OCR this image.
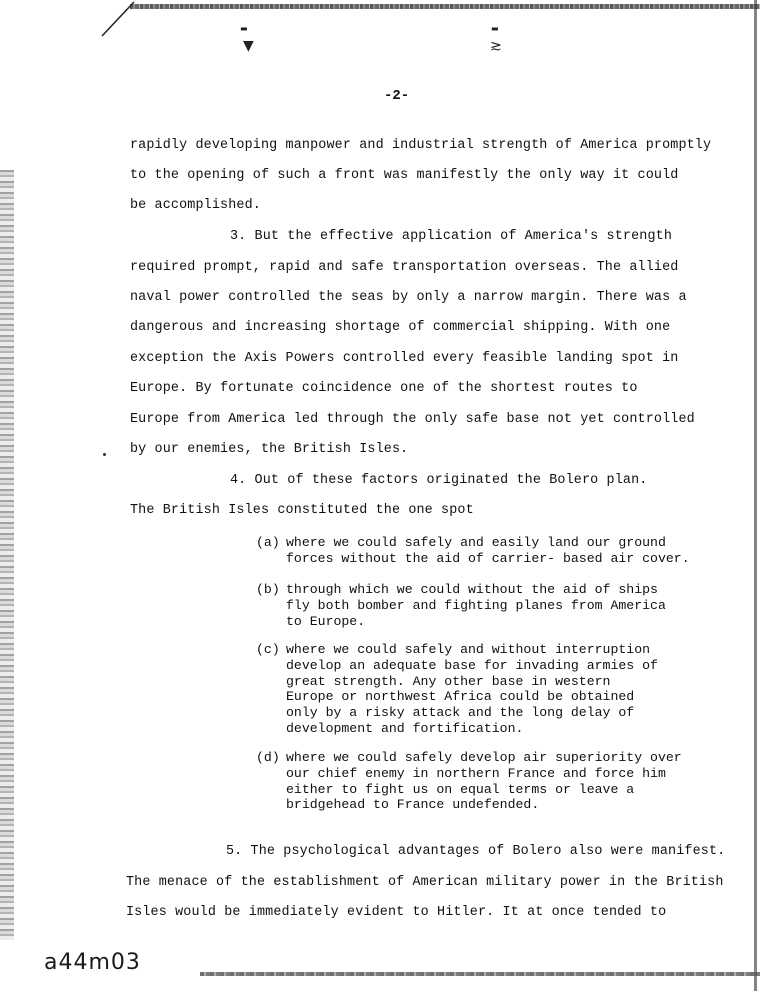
▼
▬
≳
▬
-2-
rapidly developing manpower and industrial strength of America promptly
to the opening of such a front was manifestly the only way it could
be accomplished.
3. But the effective application of America's strength
required prompt, rapid and safe transportation overseas. The allied
naval power controlled the seas by only a narrow margin. There was a
dangerous and increasing shortage of commercial shipping. With one
exception the Axis Powers controlled every feasible landing spot in
Europe. By fortunate coincidence one of the shortest routes to
Europe from America led through the only safe base not yet controlled
by our enemies, the British Isles.
4. Out of these factors originated the Bolero plan.
The British Isles constituted the one spot
(a) where we could safely and easily land our ground
forces without the aid of carrier- based air cover.
(b) through which we could without the aid of ships
fly both bomber and fighting planes from America
to Europe.
(c) where we could safely and without interruption
develop an adequate base for invading armies of
great strength. Any other base in western
Europe or northwest Africa could be obtained
only by a risky attack and the long delay of
development and fortification.
(d) where we could safely develop air superiority over
our chief enemy in northern France and force him
either to fight us on equal terms or leave a
bridgehead to France undefended.
5. The psychological advantages of Bolero also were manifest.
The menace of the establishment of American military power in the British
Isles would be immediately evident to Hitler. It at once tended to
a44m03
